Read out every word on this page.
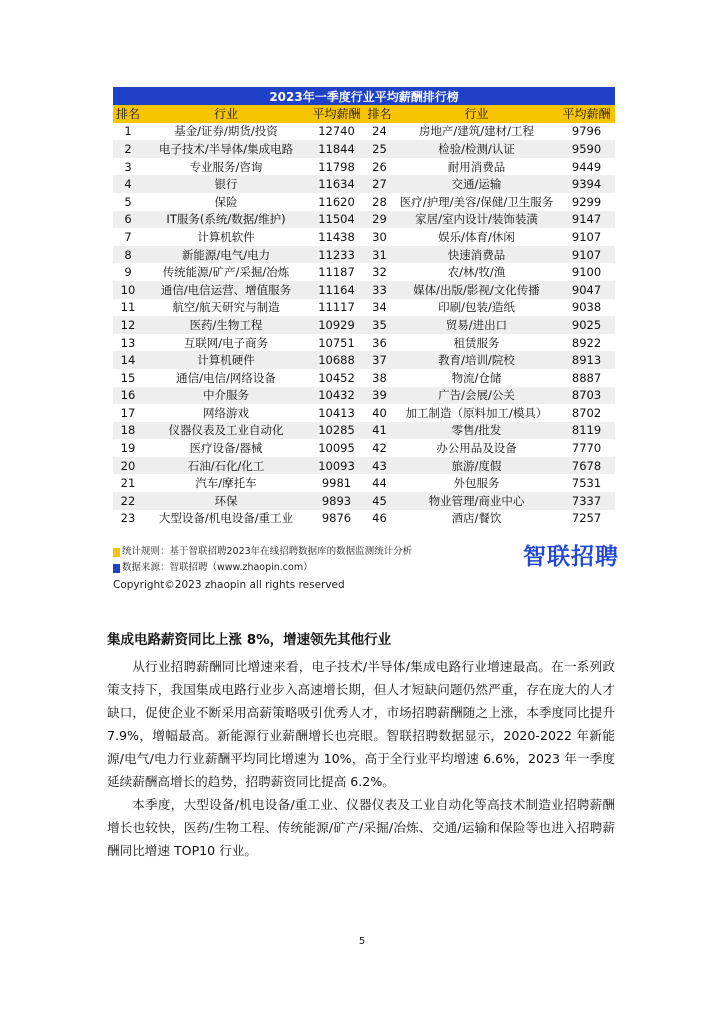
2023年一季度行业平均薪酬排行榜					
排名	行业	平均薪酬	排名	行业	平均薪酬
1	基金/证券/期货/投资	12740	24	房地产/建筑/建材/工程	9796
2	电子技术/半导体/集成电路	11844	25	检验/检测/认证	9590
3	专业服务/咨询	11798	26	耐用消费品	9449
4	银行	11634	27	交通/运输	9394
5	保险	11620	28	医疗/护理/美容/保健/卫生服务	9299
6	IT服务(系统/数据/维护)	11504	29	家居/室内设计/装饰装潢	9147
7	计算机软件	11438	30	娱乐/体育/休闲	9107
8	新能源/电气/电力	11233	31	快速消费品	9107
9	传统能源/矿产/采掘/冶炼	11187	32	农/林/牧/渔	9100
10	通信/电信运营、增值服务	11164	33	媒体/出版/影视/文化传播	9047
11	航空/航天研究与制造	11117	34	印刷/包装/造纸	9038
12	医药/生物工程	10929	35	贸易/进出口	9025
13	互联网/电子商务	10751	36	租赁服务	8922
14	计算机硬件	10688	37	教育/培训/院校	8913
15	通信/电信/网络设备	10452	38	物流/仓储	8887
16	中介服务	10432	39	广告/会展/公关	8703
17	网络游戏	10413	40	加工制造（原料加工/模具）	8702
18	仪器仪表及工业自动化	10285	41	零售/批发	8119
19	医疗设备/器械	10095	42	办公用品及设备	7770
20	石油/石化/化工	10093	43	旅游/度假	7678
21	汽车/摩托车	9981	44	外包服务	7531
22	环保	9893	45	物业管理/商业中心	7337
23	大型设备/机电设备/重工业	9876	46	酒店/餐饮	7257
统计规则：基于智联招聘2023年在线招聘数据库的数据监测统计分析
数据来源：智联招聘（www.zhaopin.com）
Copyright©2023 zhaopin all rights reserved
智联招聘
集成电路薪资同比上涨 8%，增速领先其他行业

从行业招聘薪酬同比增速来看，电子技术/半导体/集成电路行业增速最高。在一系列政策支持下，我国集成电路行业步入高速增长期，但人才短缺问题仍然严重，存在庞大的人才缺口，促使企业不断采用高薪策略吸引优秀人才，市场招聘薪酬随之上涨，本季度同比提升 7.9%，增幅最高。新能源行业薪酬增长也亮眼。智联招聘数据显示，2020-2022 年新能源/电气/电力行业薪酬平均同比增速为 10%，高于全行业平均增速 6.6%，2023 年一季度延续薪酬高增长的趋势，招聘薪资同比提高 6.2%。

本季度，大型设备/机电设备/重工业、仪器仪表及工业自动化等高技术制造业招聘薪酬增长也较快，医药/生物工程、传统能源/矿产/采掘/冶炼、交通/运输和保险等也进入招聘薪酬同比增速 TOP10 行业。

5
